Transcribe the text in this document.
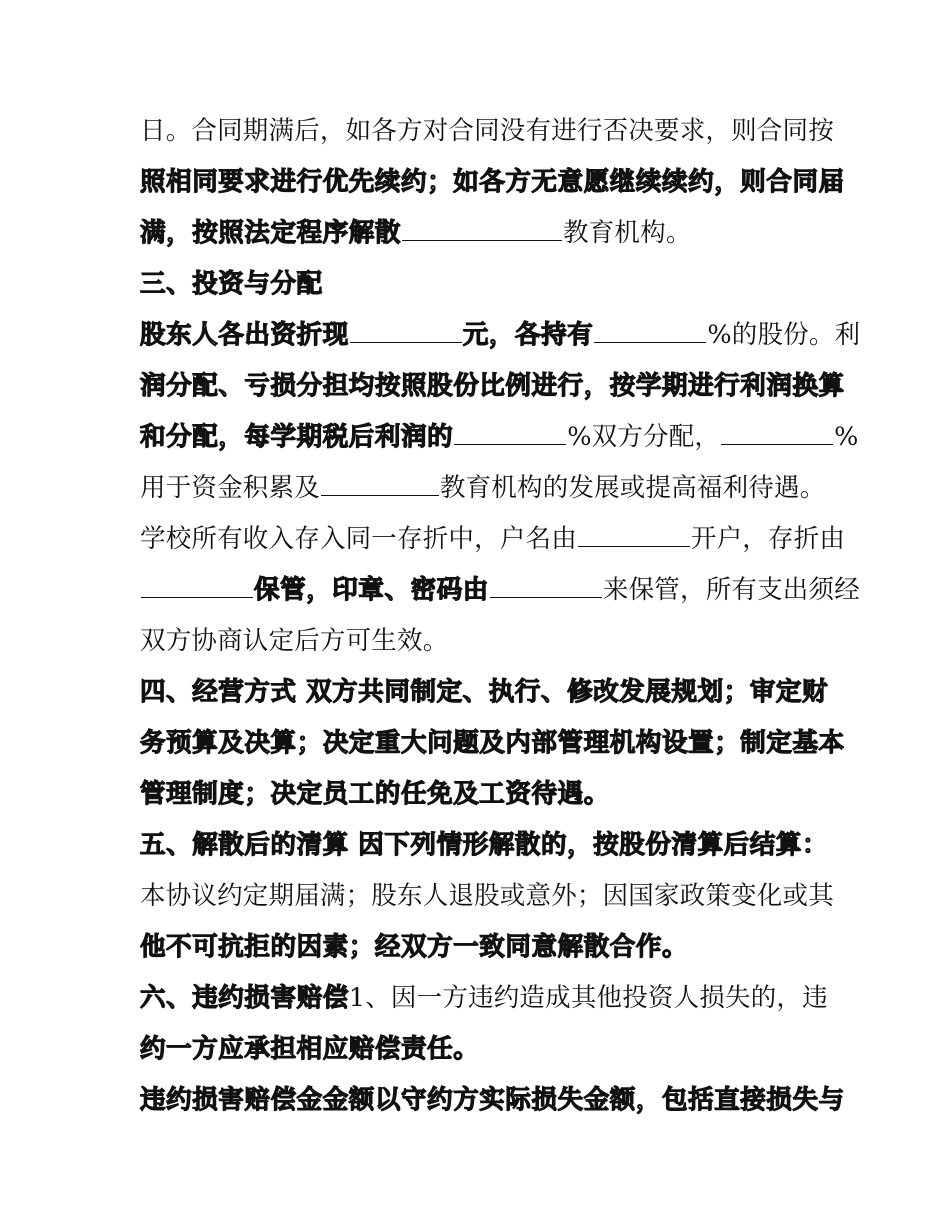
日。合同期满后，如各方对合同没有进行否决要求，则合同按
照相同要求进行优先续约；如各方无意愿继续续约，则合同届
满，按照法定程序解散	教育机构。
三、投资与分配
股东人各出资折现	元，各持有	%的股份。利
润分配、亏损分担均按照股份比例进行，按学期进行利润换算
和分配，每学期税后利润的	%双方分配，	%
用于资金积累及	教育机构的发展或提高福利待遇。
学校所有收入存入同一存折中，户名由	开户，存折由
保管，印章、密码由	来保管，所有支出须经
双方协商认定后方可生效。
四、经营方式 双方共同制定、执行、修改发展规划；审定财
务预算及决算；决定重大问题及内部管理机构设置；制定基本
管理制度；决定员工的任免及工资待遇。
五、解散后的清算 因下列情形解散的，按股份清算后结算：
本协议约定期届满；股东人退股或意外；因国家政策变化或其
他不可抗拒的因素；经双方一致同意解散合作。
六、违约损害赔偿1、因一方违约造成其他投资人损失的，违
约一方应承担相应赔偿责任。
违约损害赔偿金金额以守约方实际损失金额，包括直接损失与
